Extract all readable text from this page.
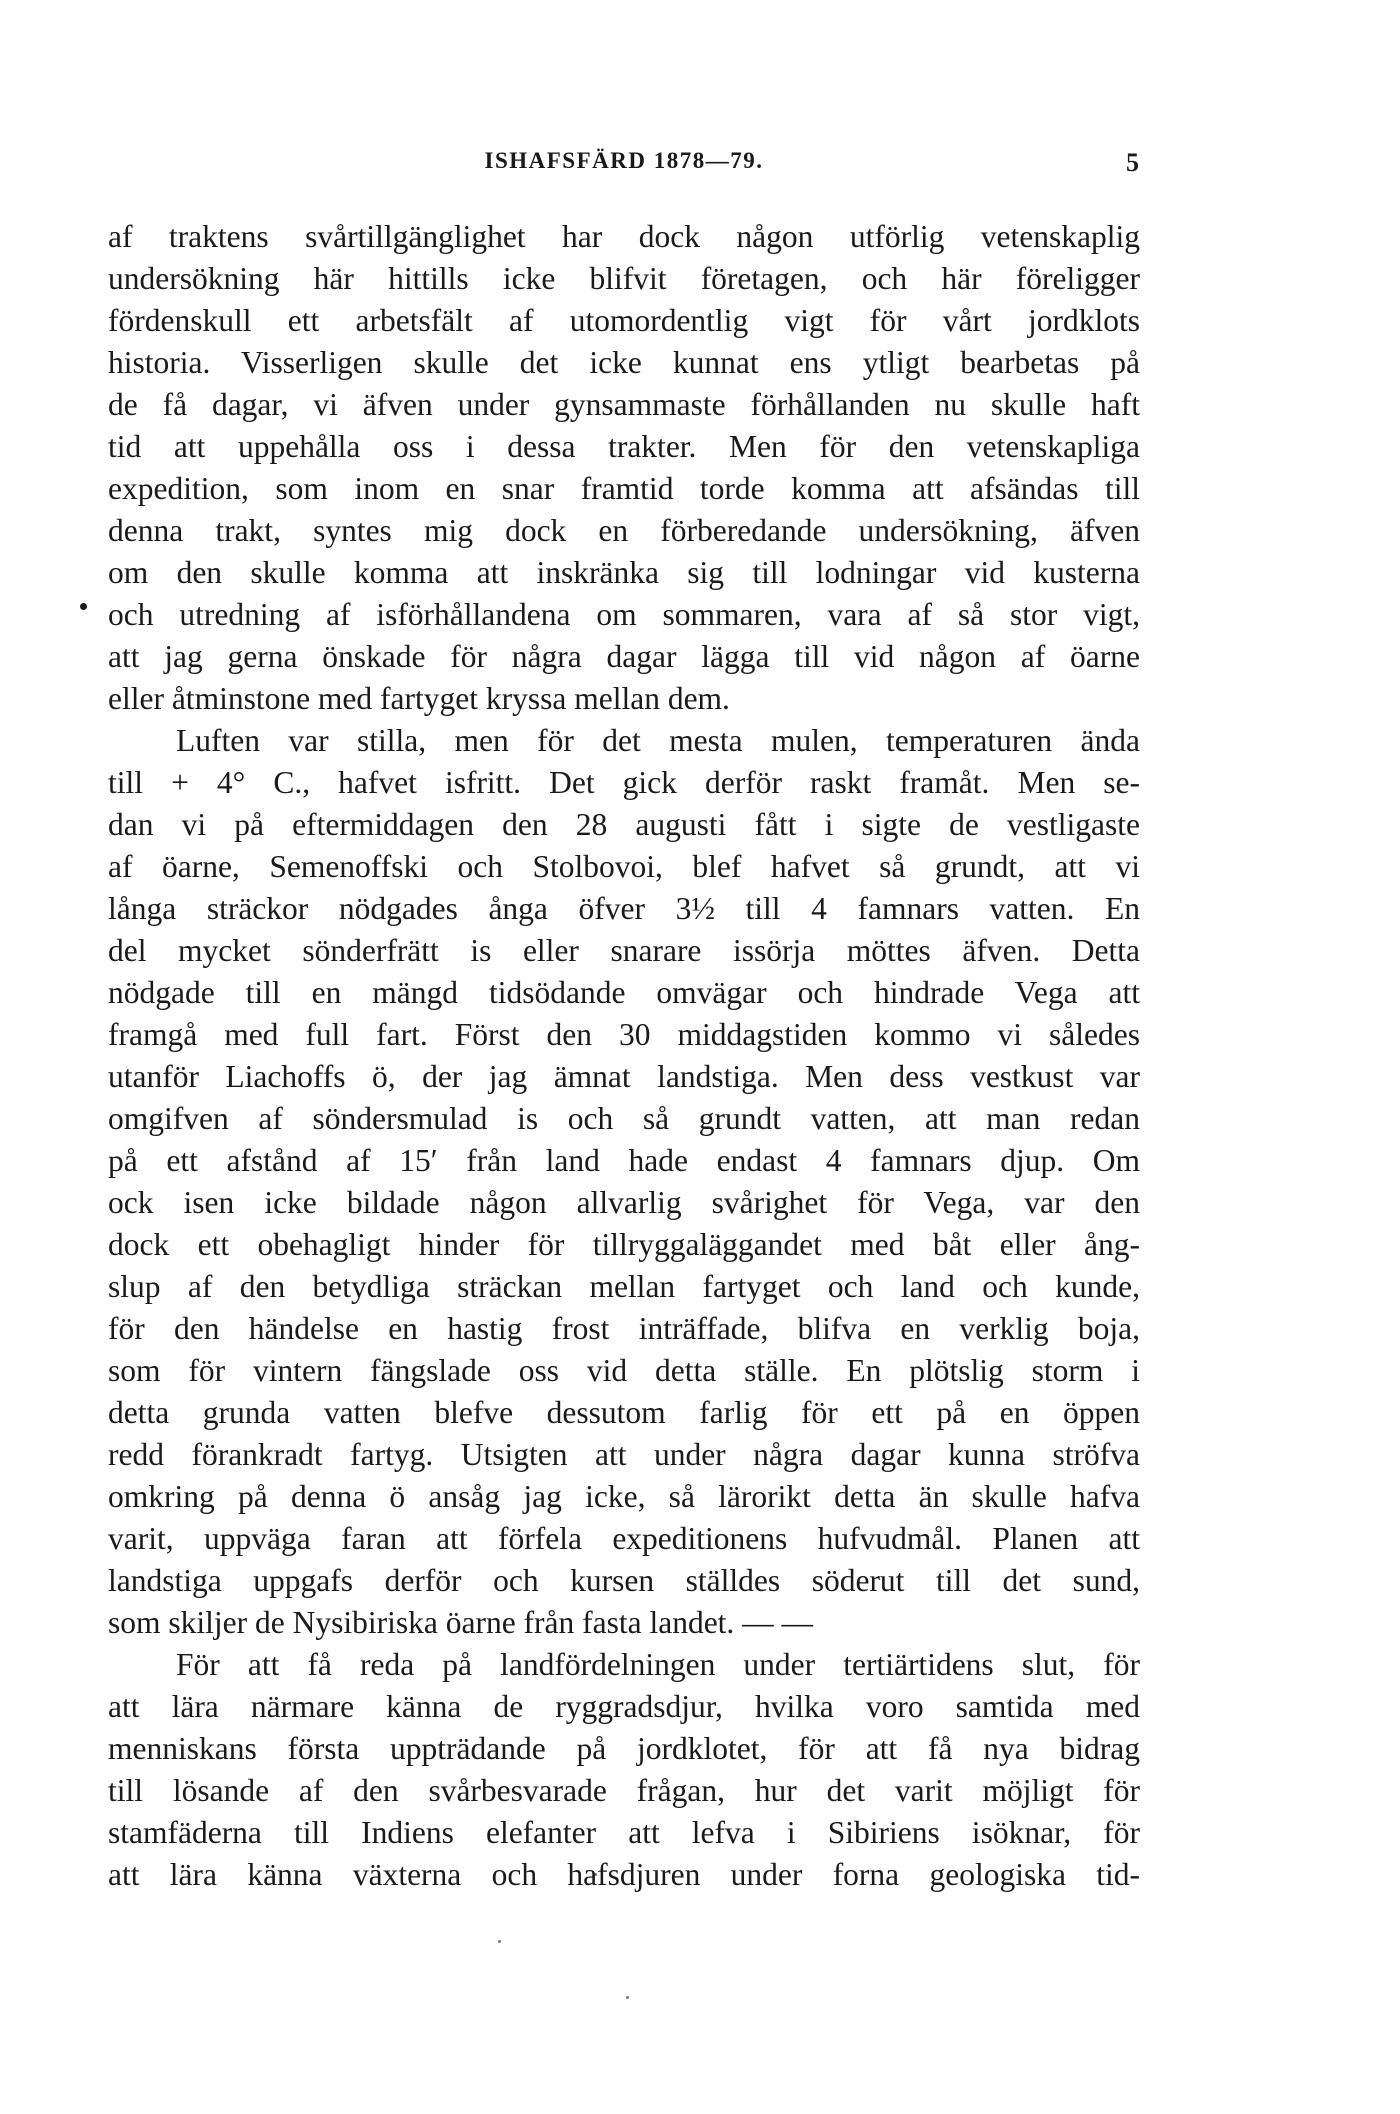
ISHAFSFÄRD 1878—79.	5
af traktens svårtillgänglighet har dock någon utförlig vetenskaplig
undersökning här hittills icke blifvit företagen, och här föreligger
fördenskull ett arbetsfält af utomordentlig vigt för vårt jordklots
historia. Visserligen skulle det icke kunnat ens ytligt bearbetas på
de få dagar, vi äfven under gynsammaste förhållanden nu skulle haft
tid att uppehålla oss i dessa trakter. Men för den vetenskapliga
expedition, som inom en snar framtid torde komma att afsändas till
denna trakt, syntes mig dock en förberedande undersökning, äfven
om den skulle komma att inskränka sig till lodningar vid kusterna
och utredning af isförhållandena om sommaren, vara af så stor vigt,
att jag gerna önskade för några dagar lägga till vid någon af öarne
eller åtminstone med fartyget kryssa mellan dem.
Luften var stilla, men för det mesta mulen, temperaturen ända
till + 4° C., hafvet isfritt. Det gick derför raskt framåt. Men se-
dan vi på eftermiddagen den 28 augusti fått i sigte de vestligaste
af öarne, Semenoffski och Stolbovoi, blef hafvet så grundt, att vi
långa sträckor nödgades ånga öfver 3½ till 4 famnars vatten. En
del mycket sönderfrätt is eller snarare issörja möttes äfven. Detta
nödgade till en mängd tidsödande omvägar och hindrade Vega att
framgå med full fart. Först den 30 middagstiden kommo vi således
utanför Liachoffs ö, der jag ämnat landstiga. Men dess vestkust var
omgifven af söndersmulad is och så grundt vatten, att man redan
på ett afstånd af 15′ från land hade endast 4 famnars djup. Om
ock isen icke bildade någon allvarlig svårighet för Vega, var den
dock ett obehagligt hinder för tillryggaläggandet med båt eller ång-
slup af den betydliga sträckan mellan fartyget och land och kunde,
för den händelse en hastig frost inträffade, blifva en verklig boja,
som för vintern fängslade oss vid detta ställe. En plötslig storm i
detta grunda vatten blefve dessutom farlig för ett på en öppen
redd förankradt fartyg. Utsigten att under några dagar kunna ströfva
omkring på denna ö ansåg jag icke, så lärorikt detta än skulle hafva
varit, uppväga faran att förfela expeditionens hufvudmål. Planen att
landstiga uppgafs derför och kursen ställdes söderut till det sund,
som skiljer de Nysibiriska öarne från fasta landet. — —
För att få reda på landfördelningen under tertiärtidens slut, för
att lära närmare känna de ryggradsdjur, hvilka voro samtida med
menniskans första uppträdande på jordklotet, för att få nya bidrag
till lösande af den svårbesvarade frågan, hur det varit möjligt för
stamfäderna till Indiens elefanter att lefva i Sibiriens isöknar, för
att lära känna växterna och hafsdjuren under forna geologiska tid-
